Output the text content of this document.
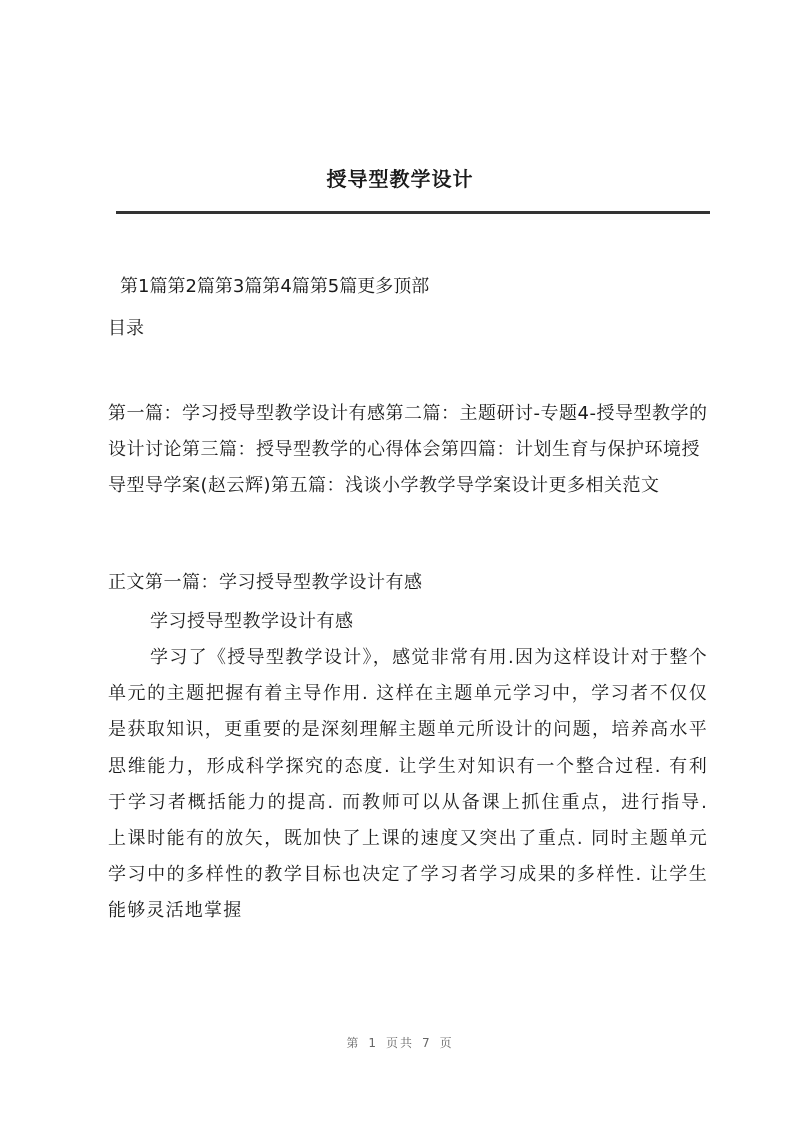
授导型教学设计
第1篇第2篇第3篇第4篇第5篇更多顶部
目录
第一篇：学习授导型教学设计有感第二篇：主题研讨-专题4-授导型教学的设计讨论第三篇：授导型教学的心得体会第四篇：计划生育与保护环境授导型导学案(赵云辉)第五篇：浅谈小学教学导学案设计更多相关范文
正文第一篇：学习授导型教学设计有感
学习授导型教学设计有感
学习了《授导型教学设计》，感觉非常有用.因为这样设计对于整个单元的主题把握有着主导作用. 这样在主题单元学习中，学习者不仅仅是获取知识，更重要的是深刻理解主题单元所设计的问题，培养高水平思维能力，形成科学探究的态度. 让学生对知识有一个整合过程. 有利于学习者概括能力的提高. 而教师可以从备课上抓住重点，进行指导. 上课时能有的放矢，既加快了上课的速度又突出了重点. 同时主题单元学习中的多样性的教学目标也决定了学习者学习成果的多样性. 让学生能够灵活地掌握
第 1 页共 7 页
